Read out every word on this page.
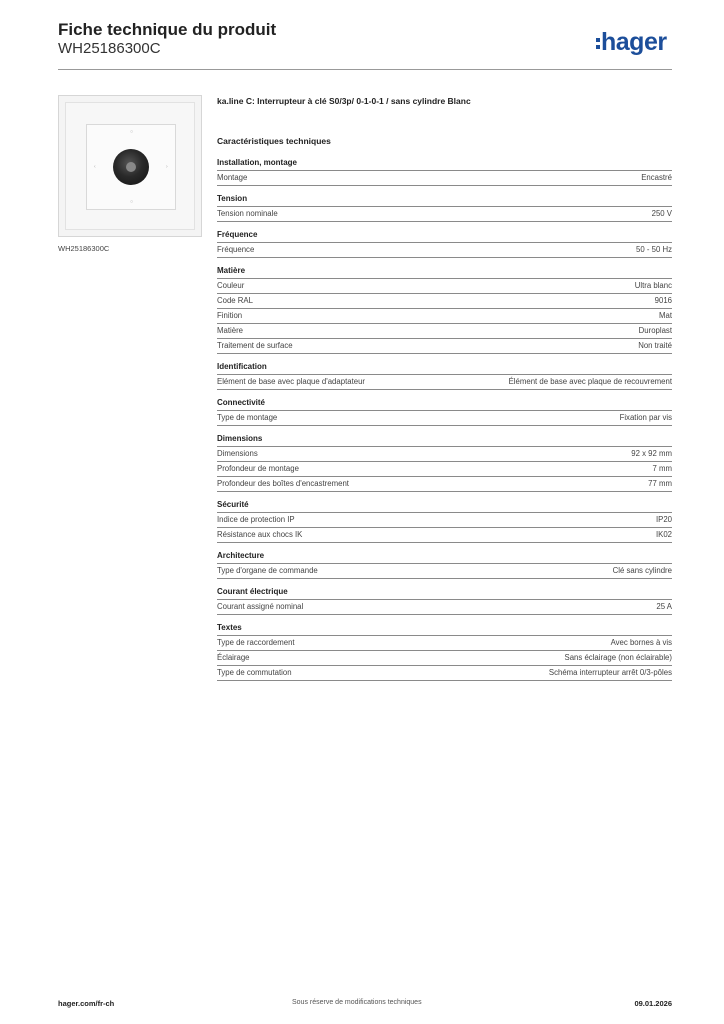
Fiche technique du produit
WH25186300C	hager
○
○
‹	›
WH25186300C
ka.line C: Interrupteur à clé S0/3p/ 0-1-0-1 / sans cylindre Blanc
Caractéristiques techniques
Installation, montage
Montage	Encastré
Tension
Tension nominale	250 V
Fréquence
Fréquence	50 - 50 Hz
Matière
Couleur	Ultra blanc
Code RAL	9016
Finition	Mat
Matière	Duroplast
Traitement de surface	Non traité
Identification
Elément de base avec plaque d'adaptateur	Élément de base avec plaque de recouvrement
Connectivité
Type de montage	Fixation par vis
Dimensions
Dimensions	92 x 92 mm
Profondeur de montage	7 mm
Profondeur des boîtes d'encastrement	77 mm
Sécurité
Indice de protection IP	IP20
Résistance aux chocs IK	IK02
Architecture
Type d'organe de commande	Clé sans cylindre
Courant électrique
Courant assigné nominal	25 A
Textes
Type de raccordement	Avec bornes à vis
Éclairage	Sans éclairage (non éclairable)
Type de commutation	Schéma interrupteur arrêt 0/3-pôles
hager.com/fr-ch	Sous réserve de modifications techniques	09.01.2026
